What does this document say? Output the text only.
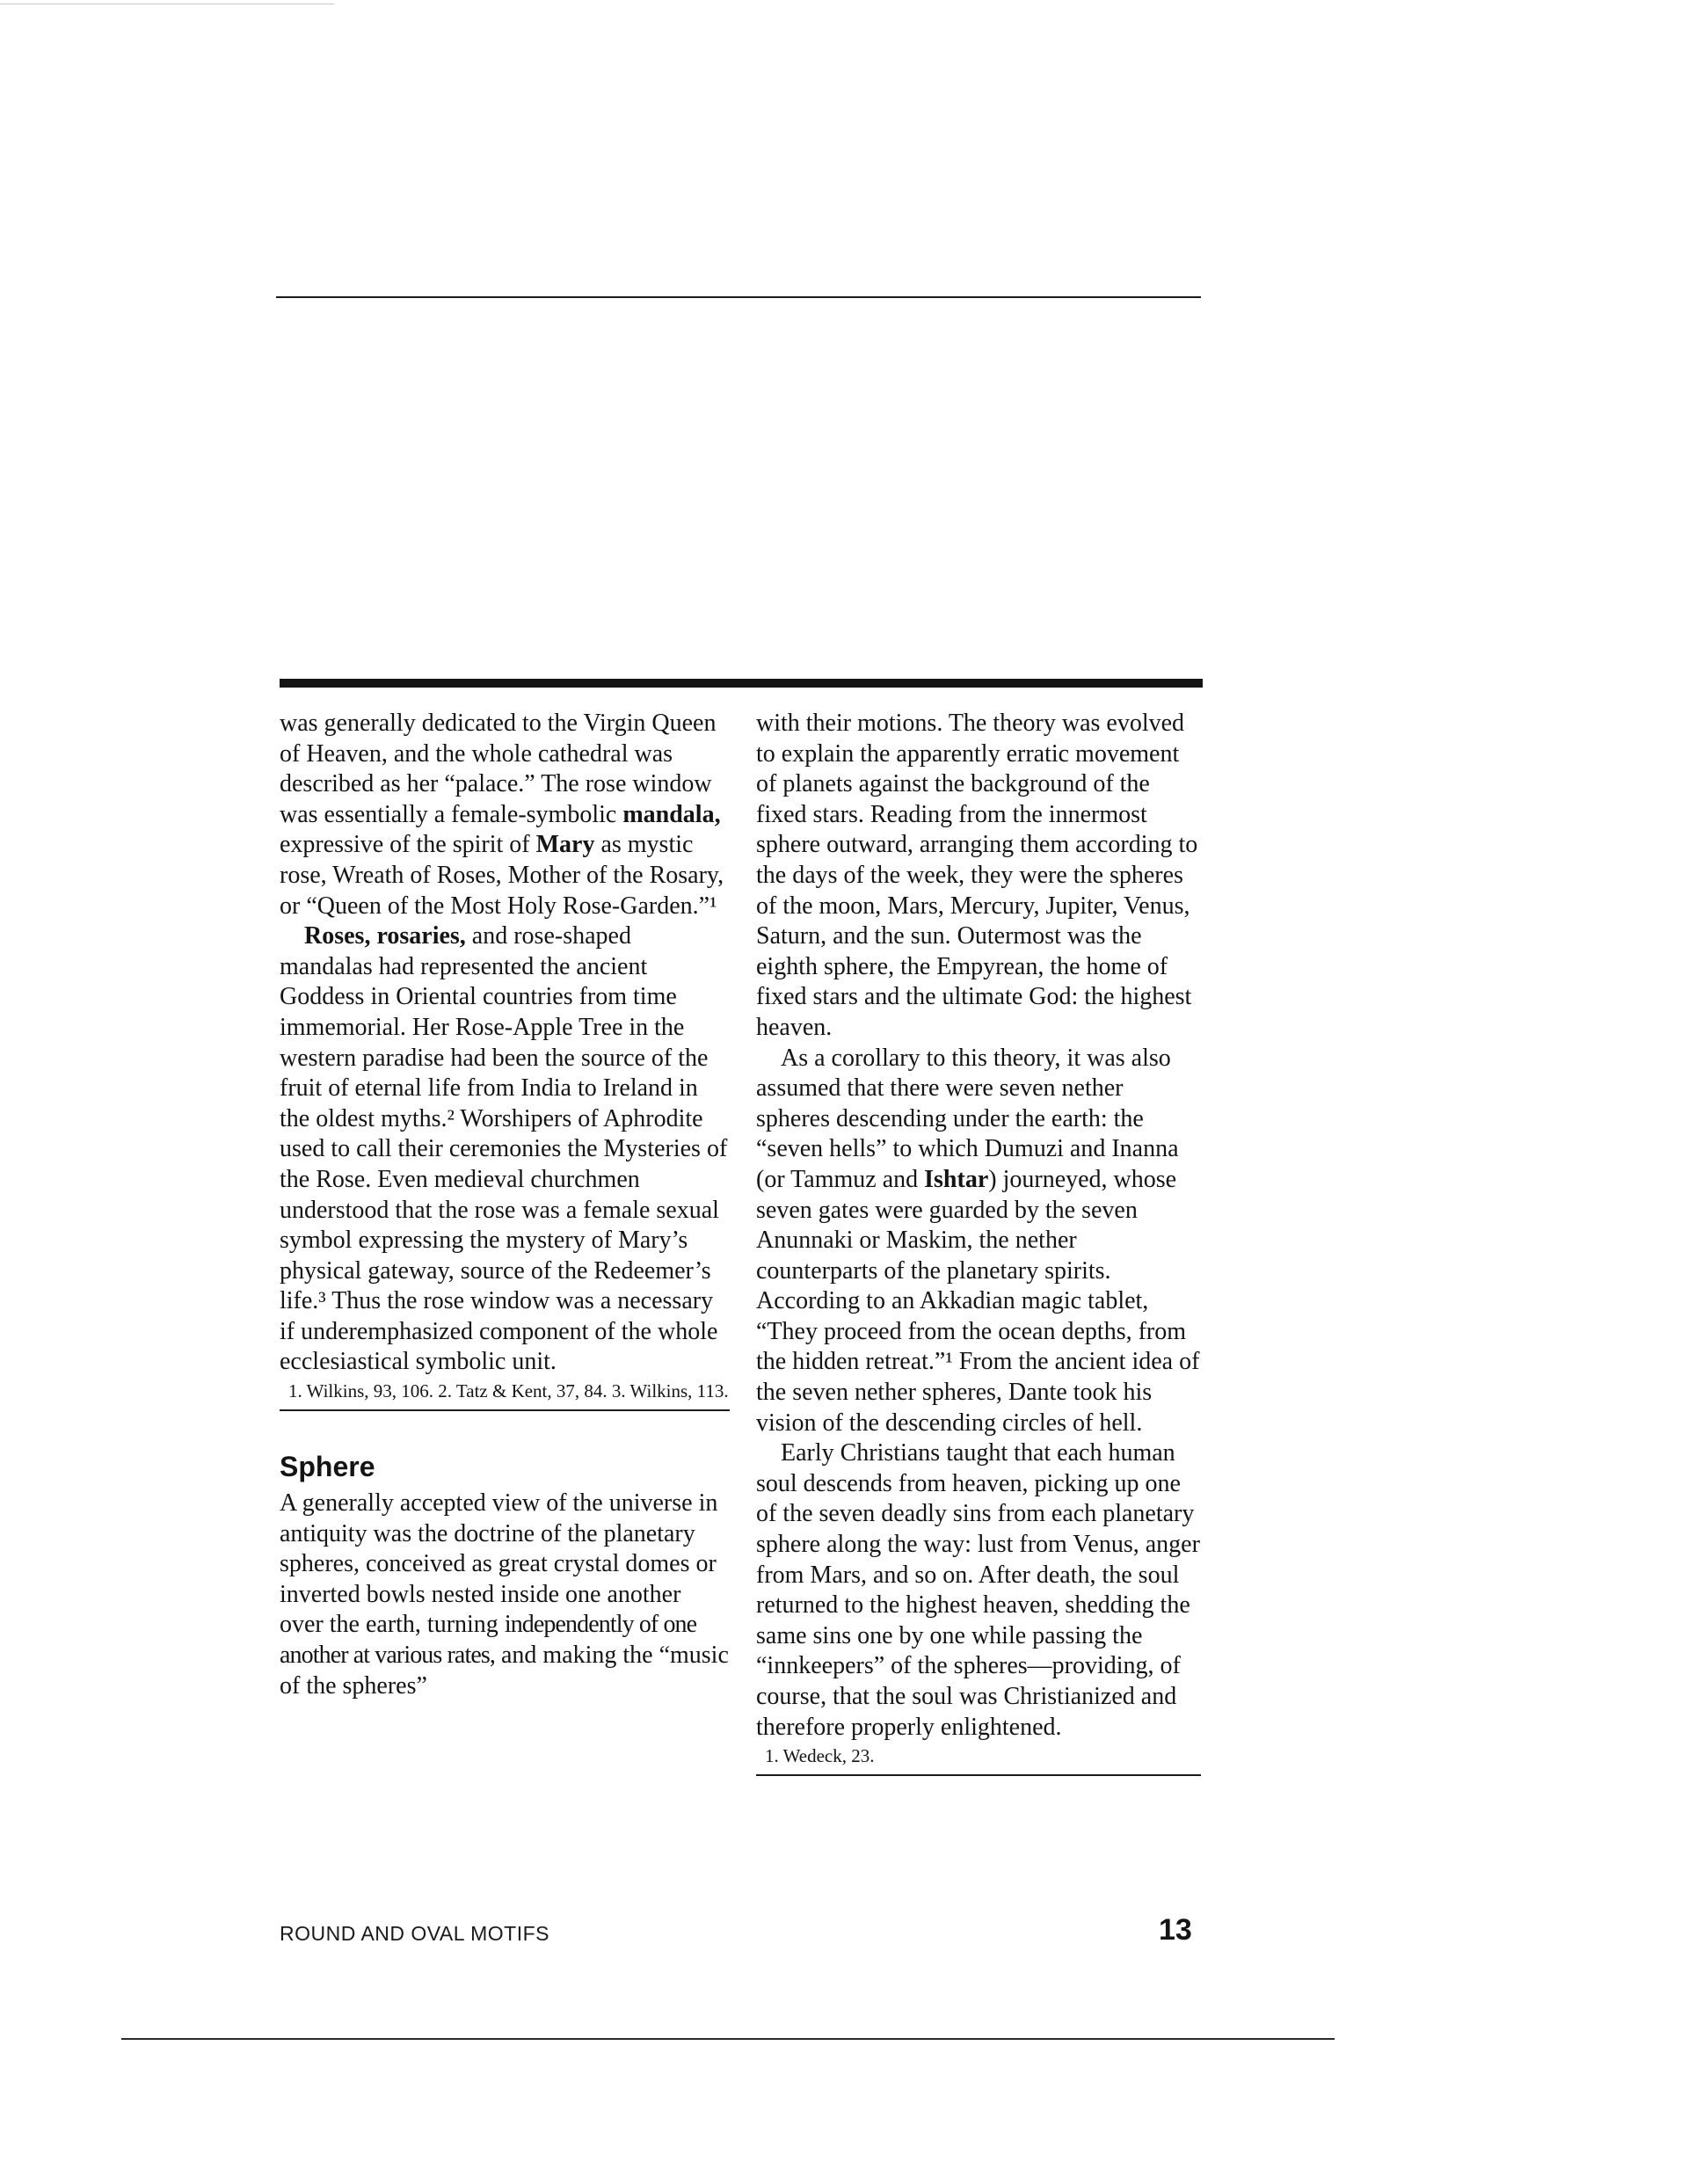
was generally dedicated to the Virgin Queen of Heaven, and the whole cathedral was described as her “palace.” The rose window was essentially a female-symbolic mandala, expressive of the spirit of Mary as mystic rose, Wreath of Roses, Mother of the Rosary, or “Queen of the Most Holy Rose-Garden.”¹

Roses, rosaries, and rose-shaped mandalas had represented the ancient Goddess in Oriental countries from time immemorial. Her Rose-Apple Tree in the western paradise had been the source of the fruit of eternal life from India to Ireland in the oldest myths.² Worshipers of Aphrodite used to call their ceremonies the Mysteries of the Rose. Even medieval churchmen understood that the rose was a female sexual symbol expressing the mystery of Mary’s physical gateway, source of the Redeemer’s life.³ Thus the rose window was a necessary if underemphasized component of the whole ecclesiastical symbolic unit.

1. Wilkins, 93, 106. 2. Tatz & Kent, 37, 84. 3. Wilkins, 113.

Sphere

A generally accepted view of the universe in antiquity was the doctrine of the planetary spheres, conceived as great crystal domes or inverted bowls nested inside one another over the earth, turning independently of one another at various rates, and making the “music of the spheres”

with their motions. The theory was evolved to explain the apparently erratic movement of planets against the background of the fixed stars. Reading from the innermost sphere outward, arranging them according to the days of the week, they were the spheres of the moon, Mars, Mercury, Jupiter, Venus, Saturn, and the sun. Outermost was the eighth sphere, the Empyrean, the home of fixed stars and the ultimate God: the highest heaven.

As a corollary to this theory, it was also assumed that there were seven nether spheres descending under the earth: the “seven hells” to which Dumuzi and Inanna (or Tammuz and Ishtar) journeyed, whose seven gates were guarded by the seven Anunnaki or Maskim, the nether counterparts of the planetary spirits. According to an Akkadian magic tablet, “They proceed from the ocean depths, from the hidden retreat.”¹ From the ancient idea of the seven nether spheres, Dante took his vision of the descending circles of hell.

Early Christians taught that each human soul descends from heaven, picking up one of the seven deadly sins from each planetary sphere along the way: lust from Venus, anger from Mars, and so on. After death, the soul returned to the highest heaven, shedding the same sins one by one while passing the “innkeepers” of the spheres—providing, of course, that the soul was Christianized and therefore properly enlightened.

1. Wedeck, 23.

ROUND AND OVAL MOTIFS	13
